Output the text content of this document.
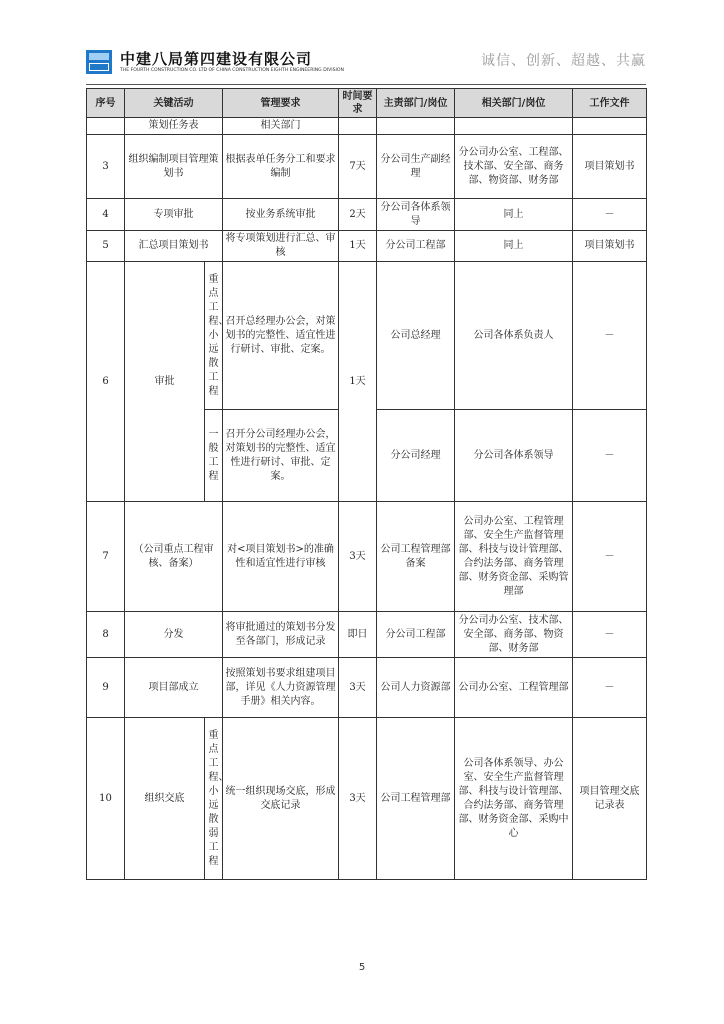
中建八局第四建设有限公司
THE FOURTH CONSTRUCTION CO. LTD OF CHINA CONSTRUCTION EIGHTH ENGINEERING DIVISION
诚信、创新、超越、共赢
序号	关键活动		管理要求	时间要求	主责部门/岗位	相关部门/岗位	工作文件
	策划任务表		相关部门				
3	组织编制项目管理策划书		根据表单任务分工和要求编制	7天	分公司生产副经理	分公司办公室、工程部、技术部、安全部、商务部、物资部、财务部	项目策划书
4	专项审批		按业务系统审批	2天	分公司各体系领导	同上	－
5	汇总项目策划书		将专项策划进行汇总、审核	1天	分公司工程部	同上	项目策划书
6	审批	重点工程、小远散工程	召开总经理办公会，对策划书的完整性、适宜性进行研讨、审批、定案。	1天	公司总经理	公司各体系负责人	－

		一般工程	召开分公司经理办公会，对策划书的完整性、适宜性进行研讨、审批、定案。		分公司经理	分公司各体系领导	－
7	（公司重点工程审核、备案）		对<项目策划书>的准确性和适宜性进行审核	3天	公司工程管理部备案	公司办公室、工程管理部、安全生产监督管理部、科技与设计管理部、合约法务部、商务管理部、财务资金部、采购管理部	－
8	分发		将审批通过的策划书分发至各部门，形成记录	即日	分公司工程部	分公司办公室、技术部、安全部、商务部、物资部、财务部	－
9	项目部成立		按照策划书要求组建项目部，详见《人力资源管理手册》相关内容。	3天	公司人力资源部	公司办公室、工程管理部	－
10	组织交底	重点工程、小远散弱工程	统一组织现场交底，形成交底记录	3天	公司工程管理部	公司各体系领导、办公室、安全生产监督管理部、科技与设计管理部、合约法务部、商务管理部、财务资金部、采购中心	项目管理交底记录表
5
